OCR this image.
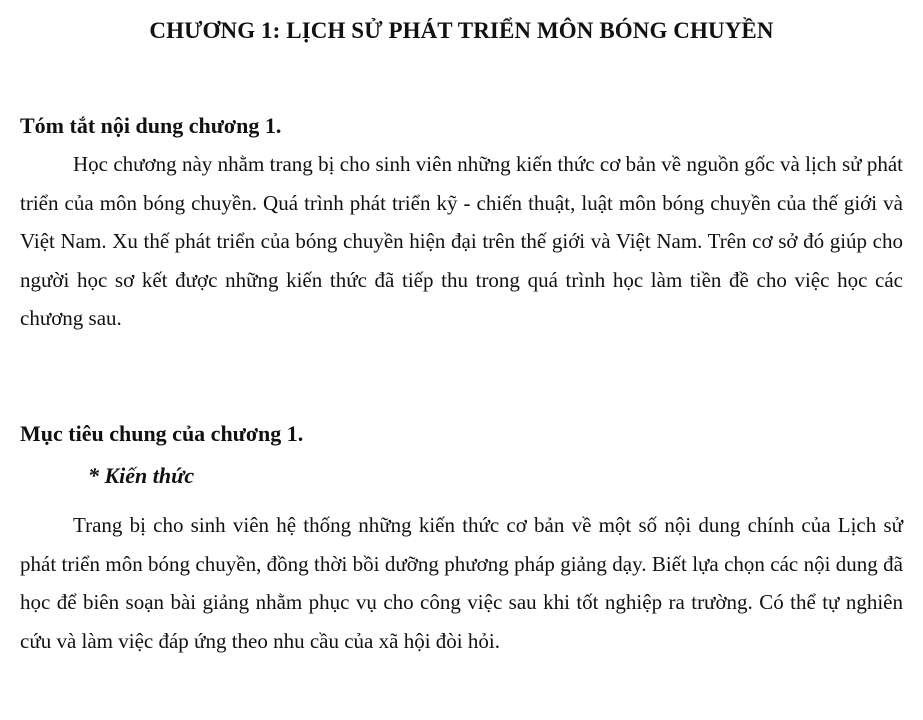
CHƯƠNG 1: LỊCH SỬ PHÁT TRIỂN MÔN BÓNG CHUYỀN
Tóm tắt nội dung chương 1.

Học chương này nhằm trang bị cho sinh viên những kiến thức cơ bản về nguồn gốc và lịch sử phát triển của môn bóng chuyền. Quá trình phát triển kỹ - chiến thuật, luật môn bóng chuyền của thế giới và Việt Nam. Xu thế phát triển của bóng chuyền hiện đại trên thế giới và Việt Nam. Trên cơ sở đó giúp cho người học sơ kết được những kiến thức đã tiếp thu trong quá trình học làm tiền đề cho việc học các chương sau.

Mục tiêu chung của chương 1.
* Kiến thức

Trang bị cho sinh viên hệ thống những kiến thức cơ bản về một số nội dung chính của Lịch sử phát triển môn bóng chuyền, đồng thời bồi dưỡng phương pháp giảng dạy. Biết lựa chọn các nội dung đã học để biên soạn bài giảng nhằm phục vụ cho công việc sau khi tốt nghiệp ra trường. Có thể tự nghiên cứu và làm việc đáp ứng theo nhu cầu của xã hội đòi hỏi.
